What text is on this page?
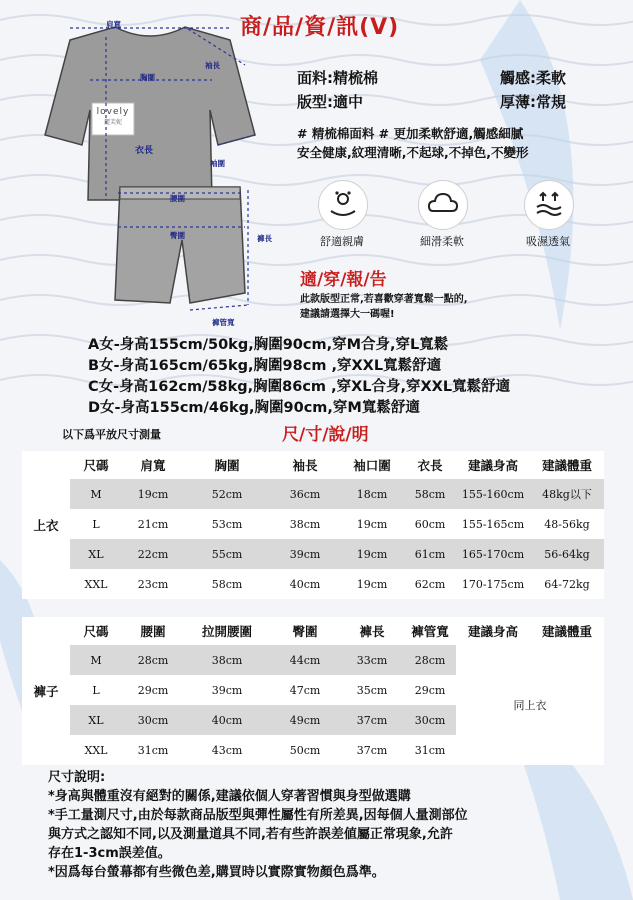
肩寬
袖長
胸圍
衣長
袖圍
腰圍
臀圍	褲長
褲管寬
lovely
麗芙妮
商/品/資/訊(V)
面料:精梳棉
版型:適中
觸感:柔軟
厚薄:常規
# 精梳棉面料 # 更加柔軟舒適,觸感細膩
安全健康,紋理清晰,不起球,不掉色,不變形
舒適親膚	細滑柔軟	吸濕透氣
適/穿/報/告
此款版型正常,若喜歡穿著寬鬆一點的,
建議請選擇大一碼喔!
A女-身高155cm/50kg,胸圍90cm,穿M合身,穿L寬鬆
B女-身高165cm/65kg,胸圍98cm ,穿XXL寬鬆舒適
C女-身高162cm/58kg,胸圍86cm ,穿XL合身,穿XXL寬鬆舒適
D女-身高155cm/46kg,胸圍90cm,穿M寬鬆舒適
以下爲平放尺寸測量	尺/寸/說/明
上衣	尺碼	肩寬	胸圍	袖長	袖口圍	衣長	建議身高	建議體重
	M	19cm	52cm	36cm	18cm	58cm	155-160cm	48kg以下
	L	21cm	53cm	38cm	19cm	60cm	155-165cm	48-56kg
	XL	22cm	55cm	39cm	19cm	61cm	165-170cm	56-64kg
	XXL	23cm	58cm	40cm	19cm	62cm	170-175cm	64-72kg
褲子	尺碼	腰圍	拉開腰圍	臀圍	褲長	褲管寬	建議身高	建議體重
	M	28cm	38cm	44cm	33cm	28cm	同上衣	
	L	29cm	39cm	47cm	35cm	29cm		
	XL	30cm	40cm	49cm	37cm	30cm		
	XXL	31cm	43cm	50cm	37cm	31cm		
尺寸說明:
*身高與體重沒有絕對的關係,建議依個人穿著習慣與身型做選購
*手工量測尺寸,由於每款商品版型與彈性屬性有所差異,因每個人量測部位
與方式之認知不同,以及測量道具不同,若有些許誤差値屬正常現象,允許
存在1-3cm誤差值。
*因爲每台螢幕都有些微色差,購買時以實際實物顏色爲準。
